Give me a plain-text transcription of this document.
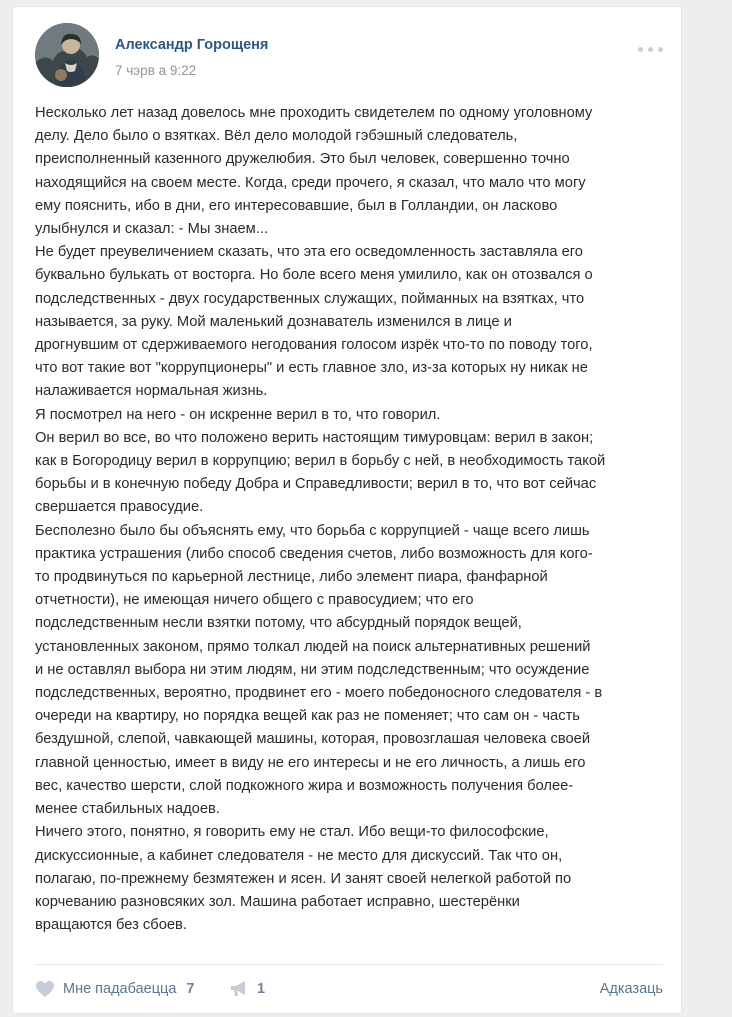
Александр Горощеня
7 чэрв а 9:22
Несколько лет назад довелось мне проходить свидетелем по одному уголовному
делу. Дело было о взятках. Вёл дело молодой гэбэшный следователь,
преисполненный казенного дружелюбия. Это был человек, совершенно точно
находящийся на своем месте. Когда, среди прочего, я сказал, что мало что могу
ему пояснить, ибо в дни, его интересовавшие, был в Голландии, он ласково
улыбнулся и сказал: - Мы знаем...
Не будет преувеличением сказать, что эта его осведомленность заставляла его
буквально булькать от восторга. Но боле всего меня умилило, как он отозвался о
подследственных - двух государственных служащих, пойманных на взятках, что
называется, за руку. Мой маленький дознаватель изменился в лице и
дрогнувшим от сдерживаемого негодования голосом изрёк что-то по поводу того,
что вот такие вот "коррупционеры" и есть главное зло, из-за которых ну никак не
налаживается нормальная жизнь.
Я посмотрел на него - он искренне верил в то, что говорил.
Он верил во все, во что положено верить настоящим тимуровцам: верил в закон;
как в Богородицу верил в коррупцию; верил в борьбу с ней, в необходимость такой
борьбы и в конечную победу Добра и Справедливости; верил в то, что вот сейчас
свершается правосудие.
Бесполезно было бы объяснять ему, что борьба с коррупцией - чаще всего лишь
практика устрашения (либо способ сведения счетов, либо возможность для кого-
то продвинуться по карьерной лестнице, либо элемент пиара, фанфарной
отчетности), не имеющая ничего общего с правосудием; что его
подследственным несли взятки потому, что абсурдный порядок вещей,
установленных законом, прямо толкал людей на поиск альтернативных решений
и не оставлял выбора ни этим людям, ни этим подследственным; что осуждение
подследственных, вероятно, продвинет его - моего победоносного следователя - в
очереди на квартиру, но порядка вещей как раз не поменяет; что сам он - часть
бездушной, слепой, чавкающей машины, которая, провозглашая человека своей
главной ценностью, имеет в виду не его интересы и не его личность, а лишь его
вес, качество шерсти, слой подкожного жира и возможность получения более-
менее стабильных надоев.
Ничего этого, понятно, я говорить ему не стал. Ибо вещи-то философские,
дискуссионные, а кабинет следователя - не место для дискуссий. Так что он,
полагаю, по-прежнему безмятежен и ясен. И занят своей нелегкой работой по
корчеванию разновсяких зол. Машина работает исправно, шестерёнки
вращаются без сбоев.
Мне падабаецца 7	1	Адказаць
